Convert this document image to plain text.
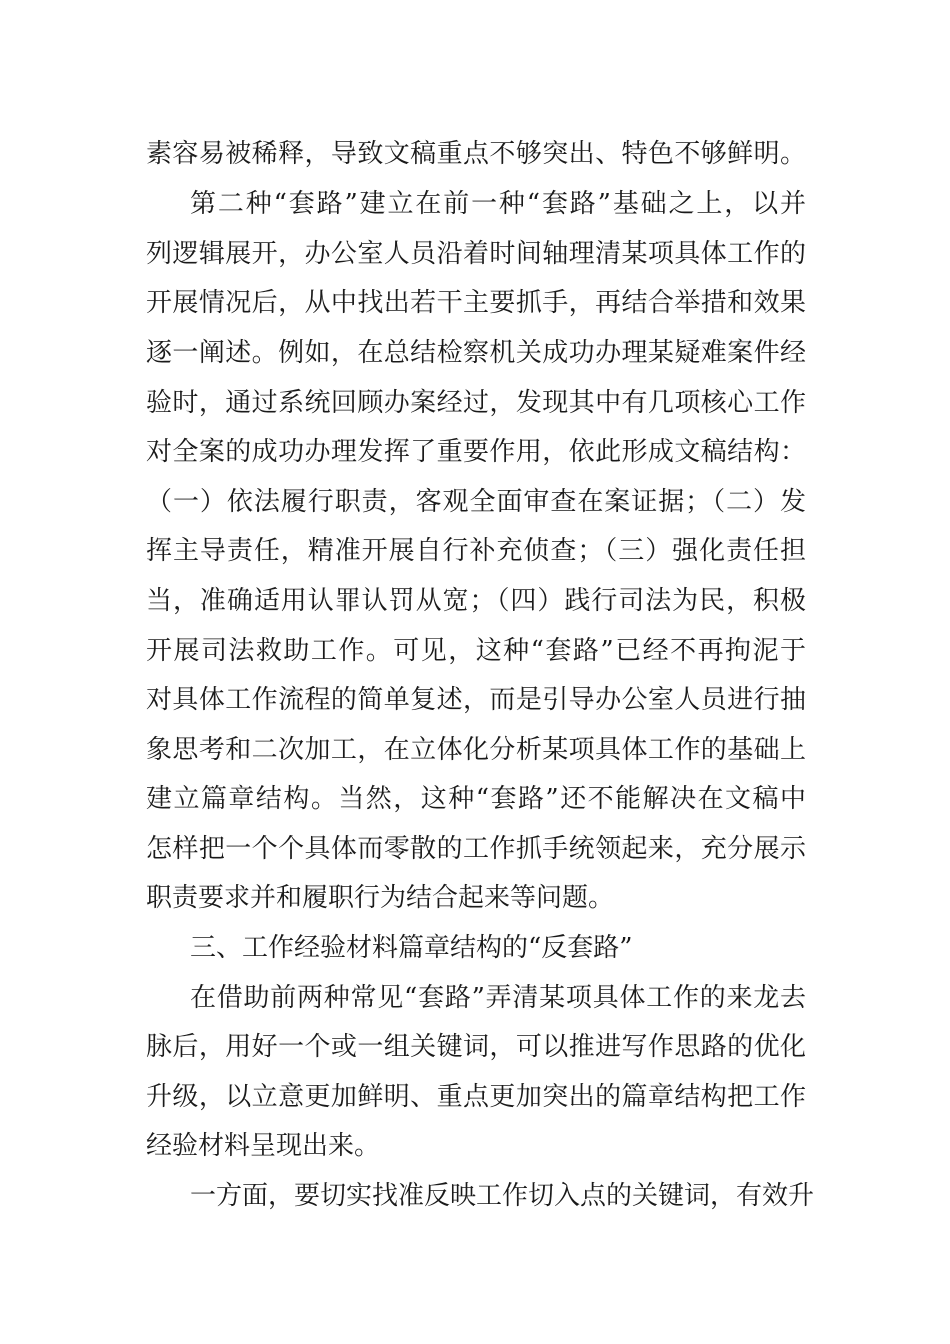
素容易被稀释，导致文稿重点不够突出、特色不够鲜明。

第二种“套路”建立在前一种“套路”基础之上，以并

列逻辑展开，办公室人员沿着时间轴理清某项具体工作的

开展情况后，从中找出若干主要抓手，再结合举措和效果

逐一阐述。例如，在总结检察机关成功办理某疑难案件经

验时，通过系统回顾办案经过，发现其中有几项核心工作

对全案的成功办理发挥了重要作用，依此形成文稿结构：

（一）依法履行职责，客观全面审查在案证据；（二）发

挥主导责任，精准开展自行补充侦查；（三）强化责任担

当，准确适用认罪认罚从宽；（四）践行司法为民，积极

开展司法救助工作。可见，这种“套路”已经不再拘泥于

对具体工作流程的简单复述，而是引导办公室人员进行抽

象思考和二次加工，在立体化分析某项具体工作的基础上

建立篇章结构。当然，这种“套路”还不能解决在文稿中

怎样把一个个具体而零散的工作抓手统领起来，充分展示

职责要求并和履职行为结合起来等问题。

三、工作经验材料篇章结构的“反套路”

在借助前两种常见“套路”弄清某项具体工作的来龙去

脉后，用好一个或一组关键词，可以推进写作思路的优化

升级，以立意更加鲜明、重点更加突出的篇章结构把工作

经验材料呈现出来。

一方面，要切实找准反映工作切入点的关键词，有效升
